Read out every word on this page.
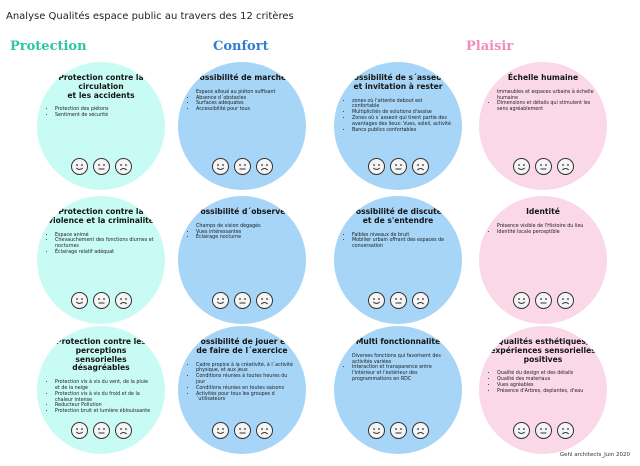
Analyse Qualités espace public au travers des 12 critères
Protection	Confort	Plaisir
Protection contre la
circulation
et les accidents
• Protection des piétons
• Sentiment de sécurité
Possibilité de marcher
• Espace alloué au piéton suffisant
• Absence d´obstacles
• Surfaces adéquates
• Accessibilité pour tous
Possibilité de s´asseoir
et invitation à rester
• zones où l'attente debout est confortable
• Multiplicités de solutions d'assise
• Zones où s´asseoir qui tirent partie des avantages des lieux: Vues, soleil, activité
• Bancs publics confortables
Échelle humaine
• Immeubles et espaces urbains à échelle humaine
• Dimensions et détails qui stimulent les sens agréablement
Protection contre la
violence et la criminalité
• Espace animé
• Chevauchement des fonctions diurnes et nocturnes
• Éclairage relatif adéquat
Possibilité d´observer
• Champs de vision dégagés
• Vues intéressantes
• Éclairage nocturne
Possibilité de discuter
et de s'entendre
• Faibles niveaux de bruit
• Mobilier urbain offrant des espaces de conversation
Identité
• Présence visible de l'Histoire du lieu
• Identité locale perceptible
Protection contre les perceptions
sensorielles désagréables
• Protection vis à vis du vent, de la pluie et de la neige
• Protection vis à vis du froid et de la chaleur intense
• Reducteur Pollution
• Protection bruit et lumière éblouissante
Possibilité de jouer et
de faire de l´exercice
• Cadre propice à la créativité, à l´activité physique, et aux jeux
• Conditions réunies à toutes heures du jour
• Conditions réunies en toutes saisons
• Activités pour tous les groupes d´utilisateurs
Multi fonctionnalité
• Diverses fonctions qui favorisent des activités variées
• Interaction et transparence entre l'intérieur et l'extérieur des programmations en RDC
Qualités esthétiques,
expériences sensorielles
positives
• Qualité du design et des détails
• Qualité des materiaux
• Vues agréables
• Présence d'Arbres, deplantes, d'eau
Gehl architects_Juin 2020
